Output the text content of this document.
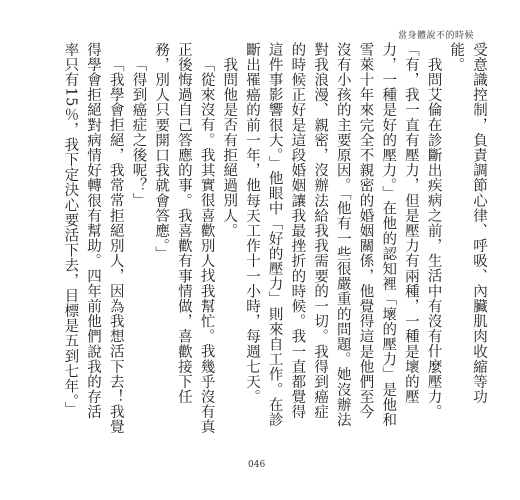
當身體說不的時候

受意識控制，負責調節心律、呼吸、內臟肌肉收縮等功能。

我問艾倫在診斷出疾病之前，生活中有沒有什麼壓力。「有，我一直有壓力，但是壓力有兩種，一種是壞的壓力，一種是好的壓力。」在他的認知裡「壞的壓力」是他和雪萊十年來完全不親密的婚姻關係，他覺得這是他們至今沒有小孩的主要原因。「他有一些很嚴重的問題。她沒辦法對我浪漫、親密，沒辦法給我我需要的一切。我得到癌症的時候正好是這段婚姻讓我最挫折的時候。我一直都覺得這件事影響很大。」他眼中「好的壓力」則來自工作。在診斷出罹癌的前一年，他每天工作十一小時，每週七天。

我問他是否有拒絕過別人。

「從來沒有。我其實很喜歡別人找我幫忙。我幾乎沒有真正後悔過自己答應的事。我喜歡有事情做，喜歡接下任務，別人只要開口我就會答應。」

「得到癌症之後呢？」

「我學會拒絕，我常常拒絕別人，因為我想活下去！我覺得學會拒絕對病情好轉很有幫助。四年前他們說我的存活率只有15％，我下定決心要活下去，目標是五到七年。」

046
